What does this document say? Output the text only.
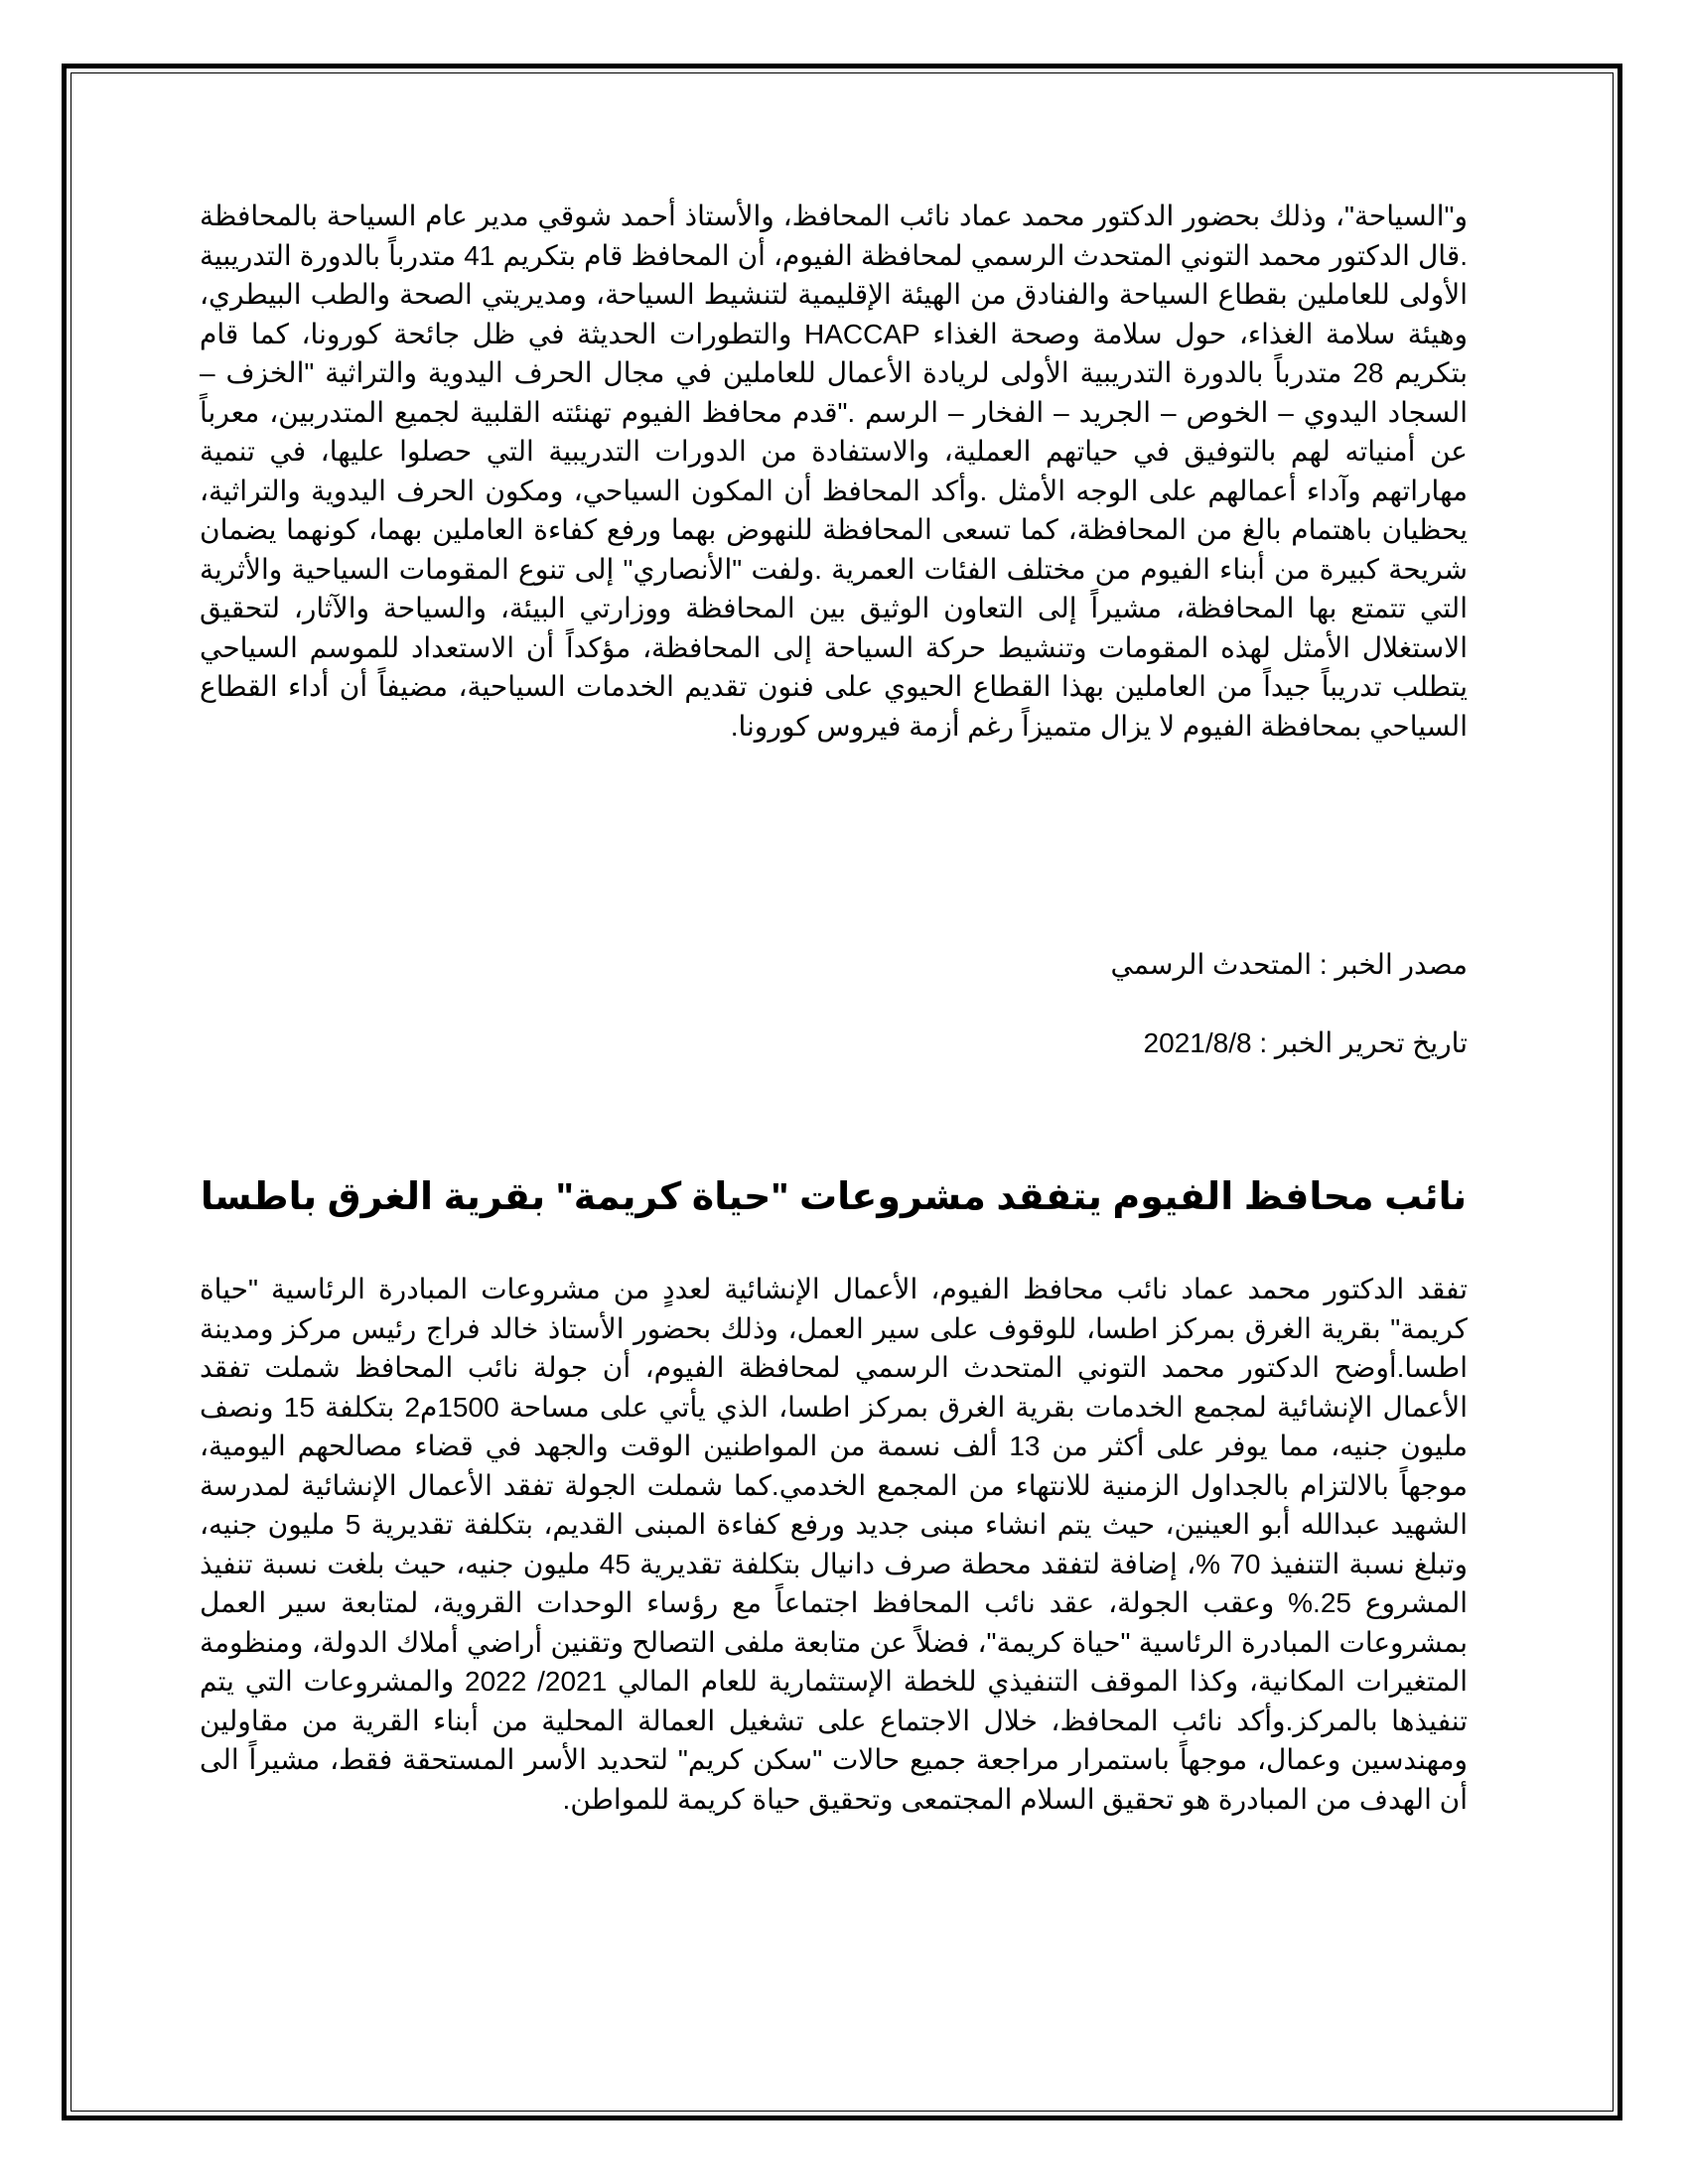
و"السياحة"، وذلك بحضور الدكتور محمد عماد نائب المحافظ، والأستاذ أحمد شوقي مدير عام السياحة بالمحافظة .قال الدكتور محمد التوني المتحدث الرسمي لمحافظة الفيوم، أن المحافظ قام بتكريم 41 متدرباً بالدورة التدريبية الأولى للعاملين بقطاع السياحة والفنادق من الهيئة الإقليمية لتنشيط السياحة، ومديريتي الصحة والطب البيطري، وهيئة سلامة الغذاء، حول سلامة وصحة الغذاء HACCAP والتطورات الحديثة في ظل جائحة كورونا، كما قام بتكريم 28 متدرباً بالدورة التدريبية الأولى لريادة الأعمال للعاملين في مجال الحرف اليدوية والتراثية "الخزف – السجاد اليدوي – الخوص – الجريد – الفخار – الرسم ."قدم محافظ الفيوم تهنئته القلبية لجميع المتدربين، معرباً عن أمنياته لهم بالتوفيق في حياتهم العملية، والاستفادة من الدورات التدريبية التي حصلوا عليها، في تنمية مهاراتهم وآداء أعمالهم على الوجه الأمثل .وأكد المحافظ أن المكون السياحي، ومكون الحرف اليدوية والتراثية، يحظيان باهتمام بالغ من المحافظة، كما تسعى المحافظة للنهوض بهما ورفع كفاءة العاملين بهما، كونهما يضمان شريحة كبيرة من أبناء الفيوم من مختلف الفئات العمرية .ولفت "الأنصاري" إلى تنوع المقومات السياحية والأثرية التي تتمتع بها المحافظة، مشيراً إلى التعاون الوثيق بين المحافظة ووزارتي البيئة، والسياحة والآثار، لتحقيق الاستغلال الأمثل لهذه المقومات وتنشيط حركة السياحة إلى المحافظة، مؤكداً أن الاستعداد للموسم السياحي يتطلب تدريباً جيداً من العاملين بهذا القطاع الحيوي على فنون تقديم الخدمات السياحية، مضيفاً أن أداء القطاع السياحي بمحافظة الفيوم لا يزال متميزاً رغم أزمة فيروس كورونا.

مصدر الخبر : المتحدث الرسمي
تاريخ تحرير الخبر : 2021/8/8
نائب محافظ الفيوم يتفقد مشروعات "حياة كريمة" بقرية الغرق باطسا

تفقد الدكتور محمد عماد نائب محافظ الفيوم، الأعمال الإنشائية لعددٍ من مشروعات المبادرة الرئاسية "حياة كريمة" بقرية الغرق بمركز اطسا، للوقوف على سير العمل، وذلك بحضور الأستاذ خالد فراج رئيس مركز ومدينة اطسا.أوضح الدكتور محمد التوني المتحدث الرسمي لمحافظة الفيوم، أن جولة نائب المحافظ شملت تفقد الأعمال الإنشائية لمجمع الخدمات بقرية الغرق بمركز اطسا، الذي يأتي على مساحة 1500م2 بتكلفة 15 ونصف مليون جنيه، مما يوفر على أكثر من 13 ألف نسمة من المواطنين الوقت والجهد في قضاء مصالحهم اليومية، موجهاً بالالتزام بالجداول الزمنية للانتهاء من المجمع الخدمي.كما شملت الجولة تفقد الأعمال الإنشائية لمدرسة الشهيد عبدالله أبو العينين، حيث يتم انشاء مبنى جديد ورفع كفاءة المبنى القديم، بتكلفة تقديرية 5 مليون جنيه، وتبلغ نسبة التنفيذ 70 %، إضافة لتفقد محطة صرف دانيال بتكلفة تقديرية 45 مليون جنيه، حيث بلغت نسبة تنفيذ المشروع 25.% وعقب الجولة، عقد نائب المحافظ اجتماعاً مع رؤساء الوحدات القروية، لمتابعة سير العمل بمشروعات المبادرة الرئاسية "حياة كريمة"، فضلاً عن متابعة ملفى التصالح وتقنين أراضي أملاك الدولة، ومنظومة المتغيرات المكانية، وكذا الموقف التنفيذي للخطة الإستثمارية للعام المالي 2021/ 2022 والمشروعات التي يتم تنفيذها بالمركز.وأكد نائب المحافظ، خلال الاجتماع على تشغيل العمالة المحلية من أبناء القرية من مقاولين ومهندسين وعمال، موجهاً باستمرار مراجعة جميع حالات "سكن كريم" لتحديد الأسر المستحقة فقط، مشيراً الى أن الهدف من المبادرة هو تحقيق السلام المجتمعى وتحقيق حياة كريمة للمواطن.
